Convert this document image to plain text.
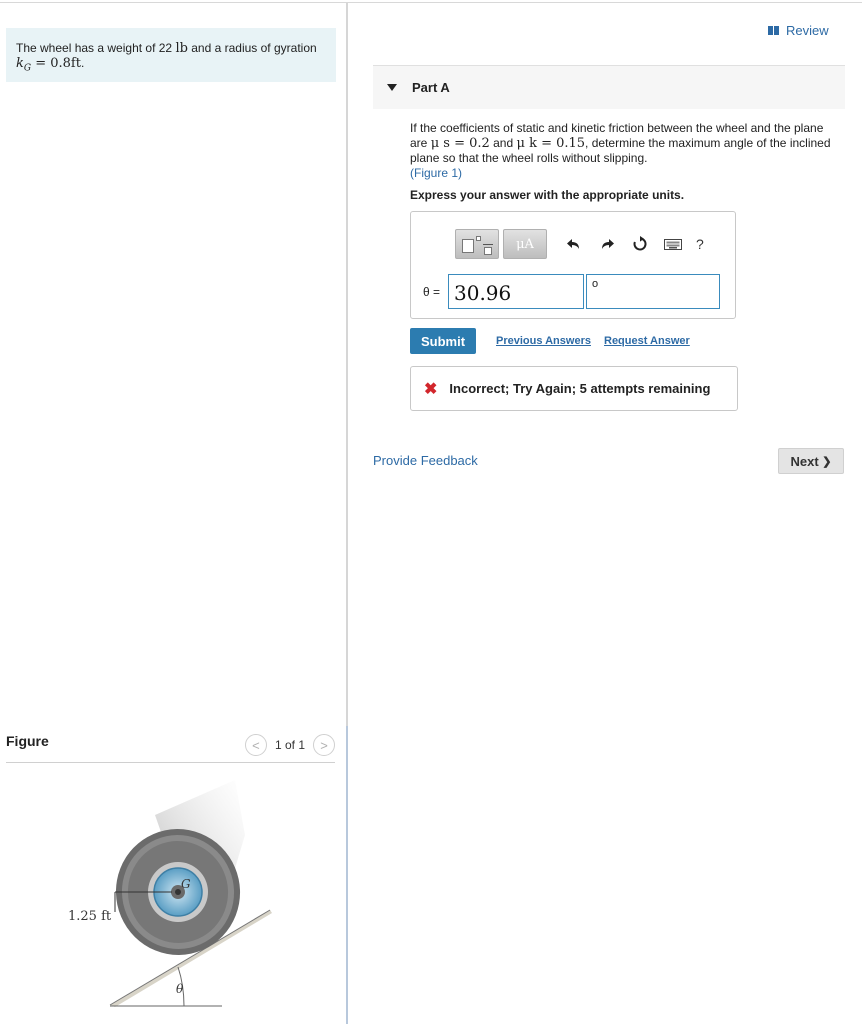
The wheel has a weight of 22 lb and a radius of gyration $k_G = 0.8ft$.
Figure	<	1 of 1	>
1.25 ft
G
θ
Review
Part A
If the coefficients of static and kinetic friction between the wheel and the plane are μ s = 0.2 and μ k = 0.15, determine the maximum angle of the inclined plane so that the wheel rolls without slipping.
(Figure 1)
Express your answer with the appropriate units.
μA	?
θ = 30.96	o
Submit	Previous Answers Request Answer
✖ Incorrect; Try Again; 5 attempts remaining
Provide Feedback	Next
❯
